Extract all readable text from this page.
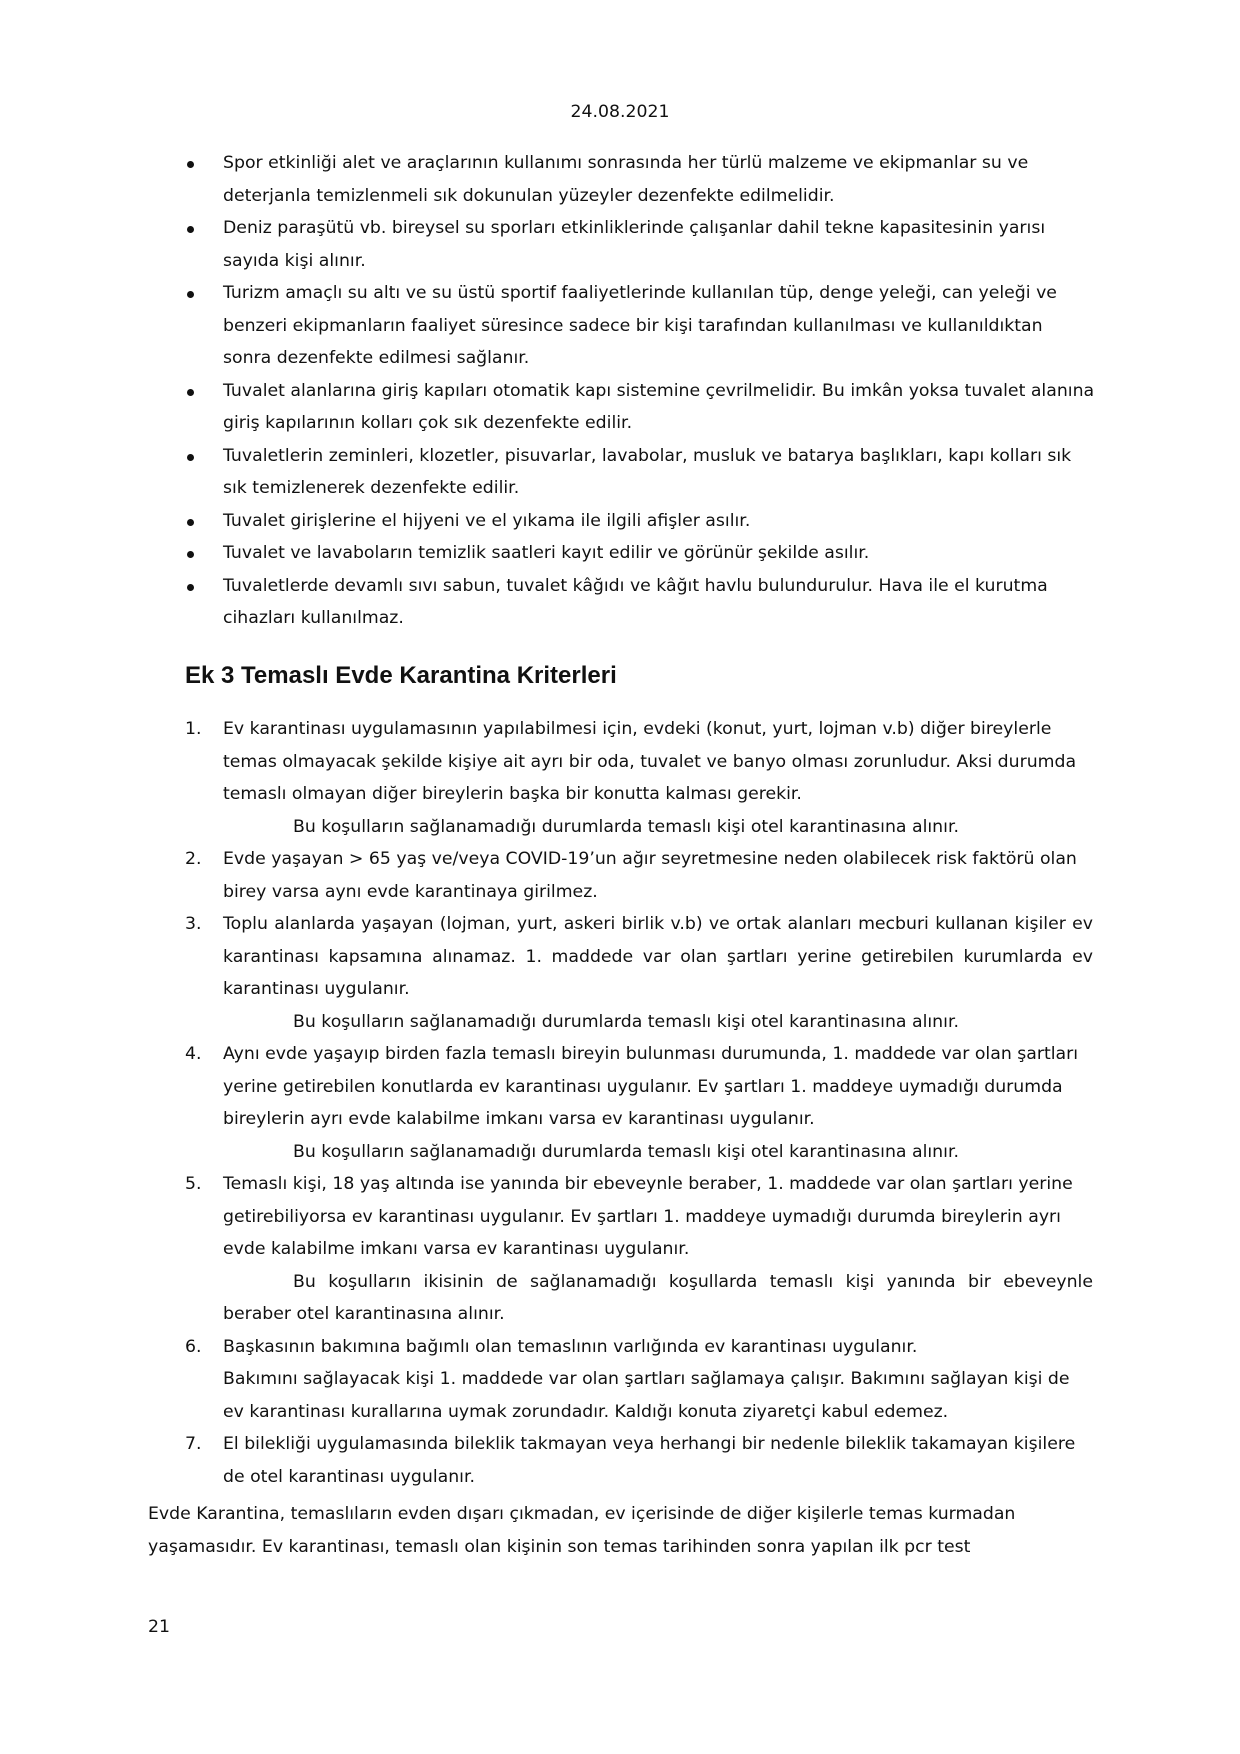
24.08.2021
Spor etkinliği alet ve araçlarının kullanımı sonrasında her türlü malzeme ve ekipmanlar su ve deterjanla temizlenmeli sık dokunulan yüzeyler dezenfekte edilmelidir.
Deniz paraşütü vb. bireysel su sporları etkinliklerinde çalışanlar dahil tekne kapasitesinin yarısı sayıda kişi alınır.
Turizm amaçlı su altı ve su üstü sportif faaliyetlerinde kullanılan tüp, denge yeleği, can yeleği ve benzeri ekipmanların faaliyet süresince sadece bir kişi tarafından kullanılması ve kullanıldıktan sonra dezenfekte edilmesi sağlanır.
Tuvalet alanlarına giriş kapıları otomatik kapı sistemine çevrilmelidir. Bu imkân yoksa tuvalet alanına giriş kapılarının kolları çok sık dezenfekte edilir.
Tuvaletlerin zeminleri, klozetler, pisuvarlar, lavabolar, musluk ve batarya başlıkları, kapı kolları sık sık temizlenerek dezenfekte edilir.
Tuvalet girişlerine el hijyeni ve el yıkama ile ilgili afişler asılır.
Tuvalet ve lavaboların temizlik saatleri kayıt edilir ve görünür şekilde asılır.
Tuvaletlerde devamlı sıvı sabun, tuvalet kâğıdı ve kâğıt havlu bulundurulur. Hava ile el kurutma cihazları kullanılmaz.
Ek 3 Temaslı Evde Karantina Kriterleri
1. Ev karantinası uygulamasının yapılabilmesi için, evdeki (konut, yurt, lojman v.b) diğer bireylerle temas olmayacak şekilde kişiye ait ayrı bir oda, tuvalet ve banyo olması zorunludur. Aksi durumda temaslı olmayan diğer bireylerin başka bir konutta kalması gerekir.

Bu koşulların sağlanamadığı durumlarda temaslı kişi otel karantinasına alınır.

2. Evde yaşayan > 65 yaş ve/veya COVID-19’un ağır seyretmesine neden olabilecek risk faktörü olan birey varsa aynı evde karantinaya girilmez.

3. Toplu alanlarda yaşayan (lojman, yurt, askeri birlik v.b) ve ortak alanları mecburi kullanan kişiler ev karantinası kapsamına alınamaz. 1. maddede var olan şartları yerine getirebilen kurumlarda ev karantinası uygulanır.

Bu koşulların sağlanamadığı durumlarda temaslı kişi otel karantinasına alınır.

4. Aynı evde yaşayıp birden fazla temaslı bireyin bulunması durumunda, 1. maddede var olan şartları yerine getirebilen konutlarda ev karantinası uygulanır. Ev şartları 1. maddeye uymadığı durumda bireylerin ayrı evde kalabilme imkanı varsa ev karantinası uygulanır.

Bu koşulların sağlanamadığı durumlarda temaslı kişi otel karantinasına alınır.

5. Temaslı kişi, 18 yaş altında ise yanında bir ebeveynle beraber, 1. maddede var olan şartları yerine getirebiliyorsa ev karantinası uygulanır. Ev şartları 1. maddeye uymadığı durumda bireylerin ayrı evde kalabilme imkanı varsa ev karantinası uygulanır.

Bu koşulların ikisinin de sağlanamadığı koşullarda temaslı kişi yanında bir ebeveynle beraber otel karantinasına alınır.

6. Başkasının bakımına bağımlı olan temaslının varlığında ev karantinası uygulanır.

Bakımını sağlayacak kişi 1. maddede var olan şartları sağlamaya çalışır. Bakımını sağlayan kişi de ev karantinası kurallarına uymak zorundadır. Kaldığı konuta ziyaretçi kabul edemez.

7. El bilekliği uygulamasında bileklik takmayan veya herhangi bir nedenle bileklik takamayan kişilere de otel karantinası uygulanır.

Evde Karantina, temaslıların evden dışarı çıkmadan, ev içerisinde de diğer kişilerle temas kurmadan yaşamasıdır. Ev karantinası, temaslı olan kişinin son temas tarihinden sonra yapılan ilk pcr test

21
